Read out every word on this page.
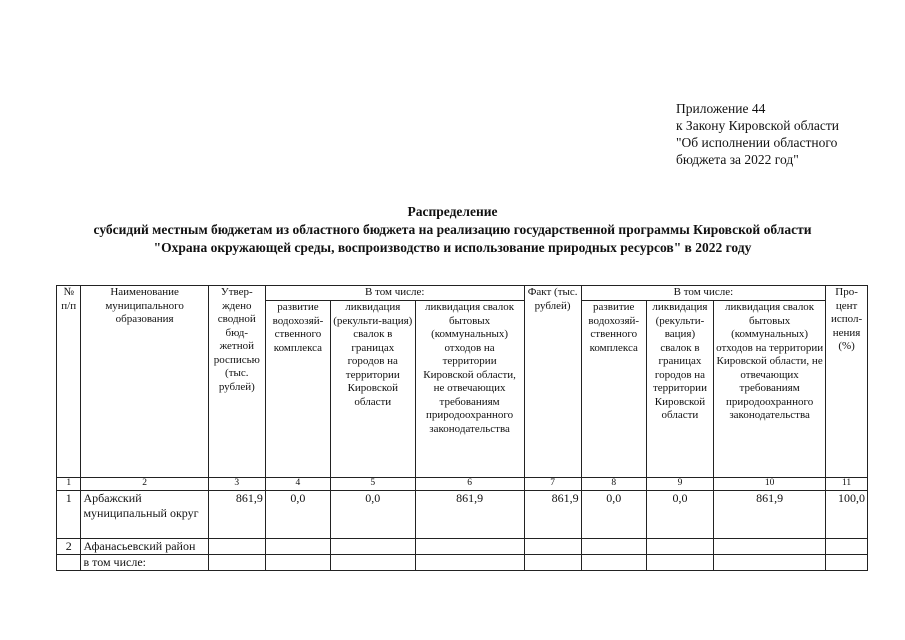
Приложение 44
к Закону Кировской области
"Об исполнении областного
бюджета за 2022 год"
Распределение
субсидий местным бюджетам из областного бюджета на реализацию государственной программы Кировской области
"Охрана окружающей среды, воспроизводство и использование природных ресурсов" в 2022 году
№ п/п	Наименование муниципального образования	Утвер-ждено сводной бюд-жетной росписью (тыс. рублей)	В том числе:			Факт (тыс. рублей)	В том числе:			Про-цент испол-нения (%)
			развитие водохозяй-ственного комплекса	ликвидация (рекульти-вация) свалок в границах городов на территории Кировской области	ликвидация свалок бытовых (коммунальных) отходов на территории Кировской области, не отвечающих требованиям природоохранного законодательства		развитие водохозяй-ственного комплекса	ликвидация (рекульти-вация) свалок в границах городов на территории Кировской области	ликвидация свалок бытовых (коммунальных) отходов на территории Кировской области, не отвечающих требованиям природоохранного законодательства	
1	2	3	4	5	6	7	8	9	10	11
1	Арбажский муниципальный округ	861,9	0,0	0,0	861,9	861,9	0,0	0,0	861,9	100,0
2	Афанасьевский район									
	в том числе:									
